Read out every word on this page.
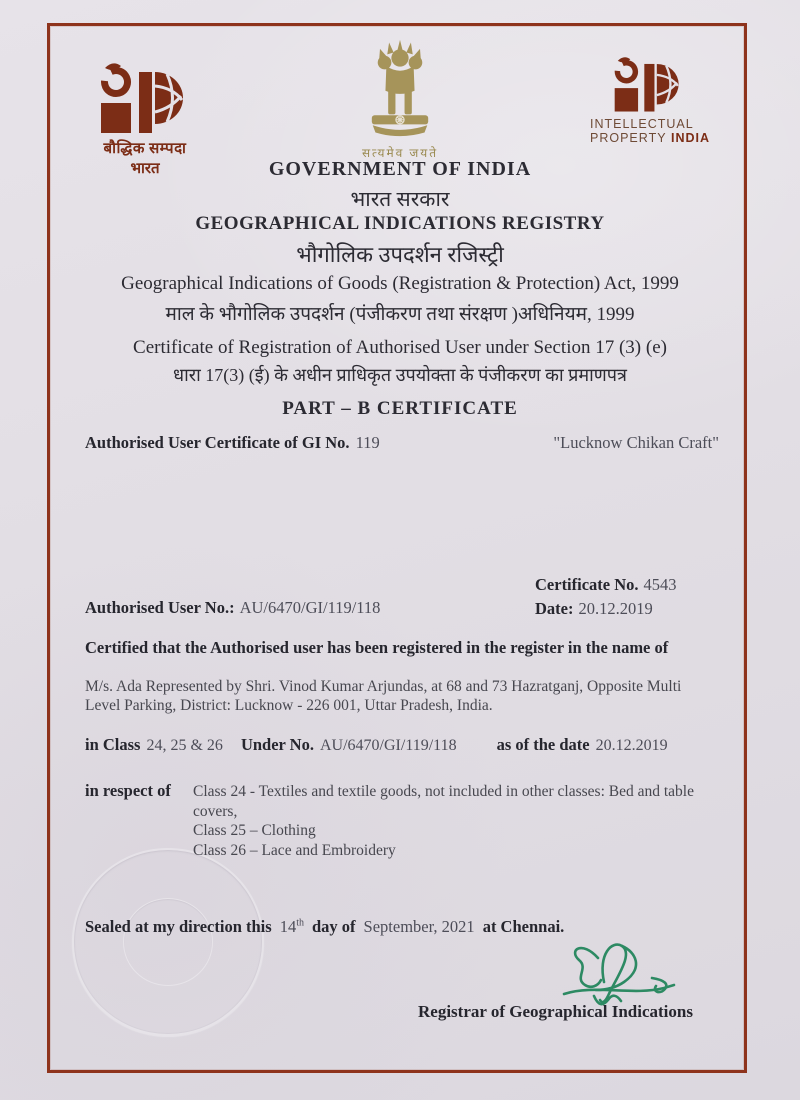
बौद्धिक सम्पदा
भारत
सत्यमेव जयते
INTELLECTUAL
PROPERTY INDIA
GOVERNMENT OF INDIA
भारत सरकार
GEOGRAPHICAL INDICATIONS REGISTRY
भौगोलिक उपदर्शन रजिस्ट्री
Geographical Indications of Goods (Registration & Protection) Act, 1999
माल के भौगोलिक उपदर्शन (पंजीकरण तथा संरक्षण )अधिनियम, 1999
Certificate of Registration of Authorised User under Section 17 (3) (e)
धारा 17(3) (ई) के अधीन प्राधिकृत उपयोक्ता के पंजीकरण का प्रमाणपत्र
PART – B CERTIFICATE
Authorised User Certificate of GI No. 119	"Lucknow Chikan Craft"
Certificate No. 4543
Authorised User No.: AU/6470/GI/119/118	Date: 20.12.2019
Certified that the Authorised user has been registered in the register in the name of
M/s. Ada Represented by Shri. Vinod Kumar Arjundas, at 68 and 73 Hazratganj, Opposite Multi
Level Parking, District: Lucknow - 226 001, Uttar Pradesh, India.
in Class 24, 25 & 26 Under No. AU/6470/GI/119/118 as of the date 20.12.2019
in respect of Class 24 - Textiles and textile goods, not included in other classes: Bed and table
covers,
Class 25 – Clothing
Class 26 – Lace and Embroidery
Sealed at my direction this 14th day of September, 2021 at Chennai.
Registrar of Geographical Indications
